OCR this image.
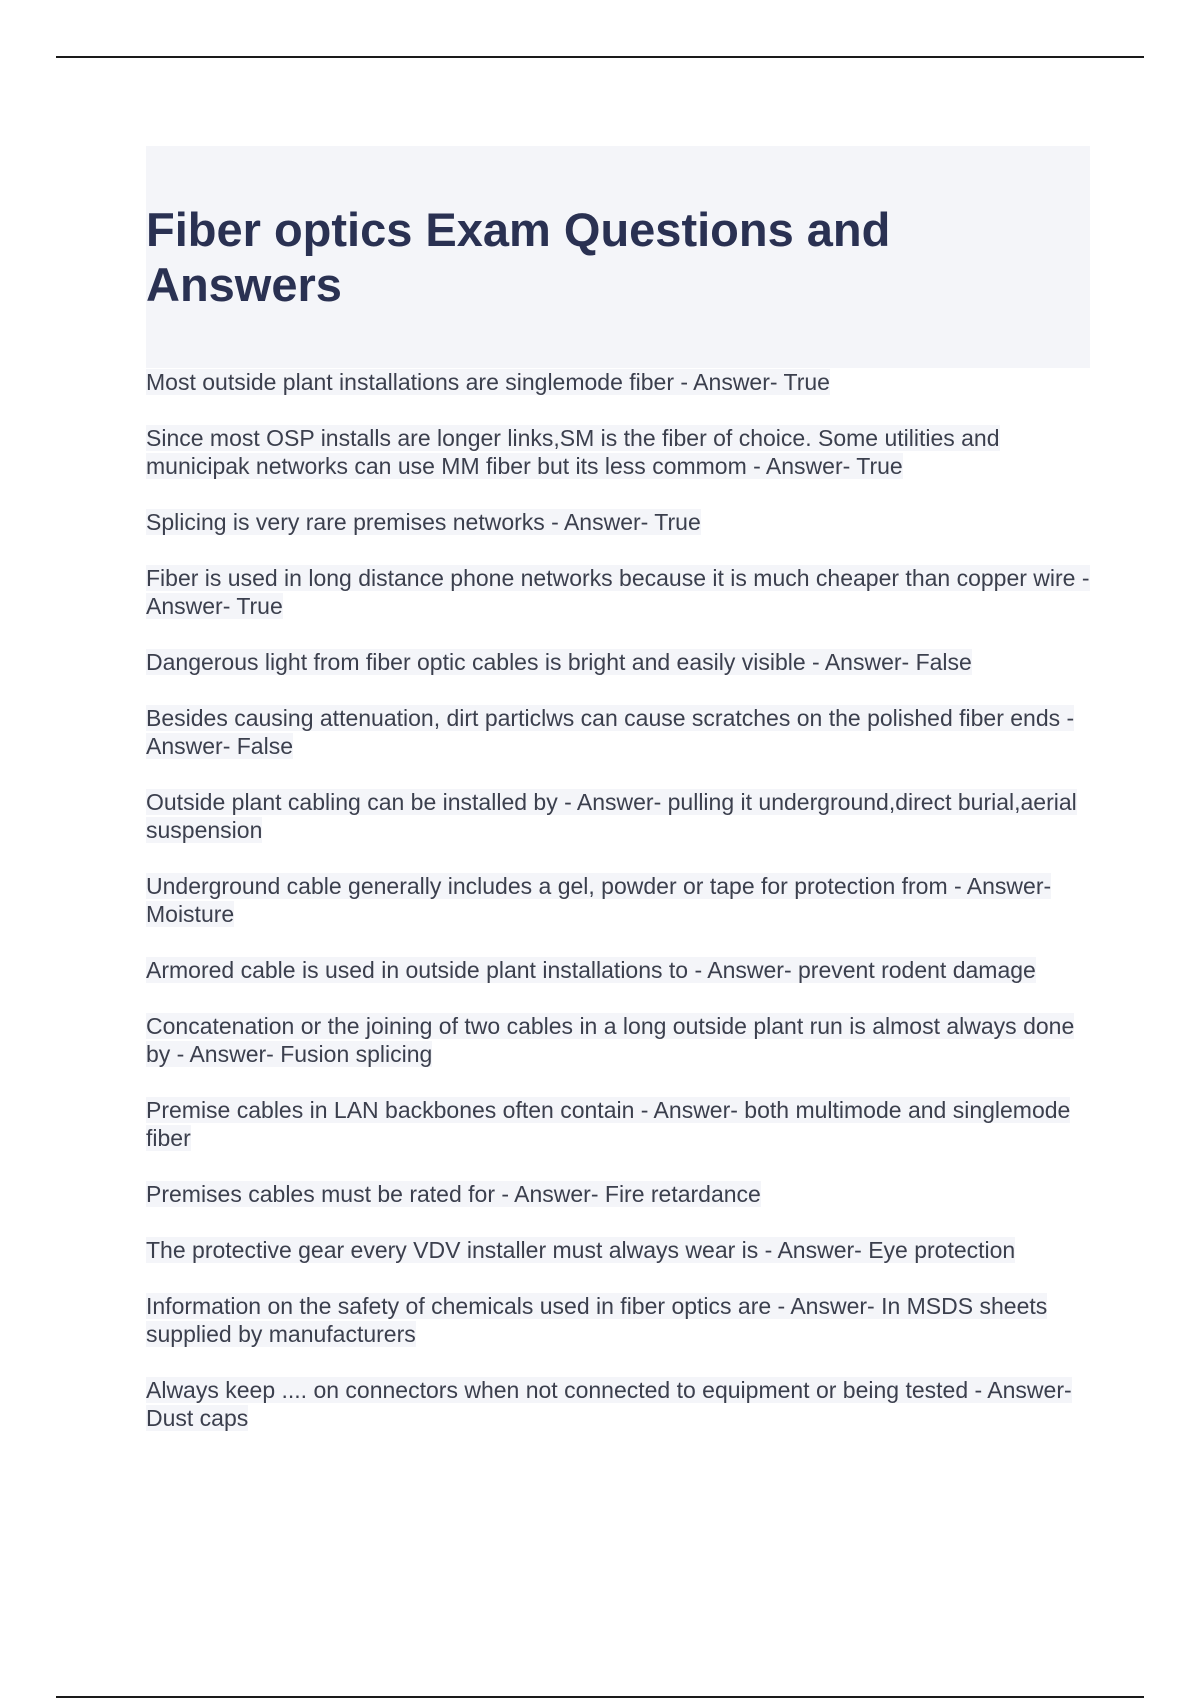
Fiber optics Exam Questions and Answers
Most outside plant installations are singlemode fiber - Answer- True
Since most OSP installs are longer links,SM is the fiber of choice. Some utilities and municipak networks can use MM fiber but its less commom - Answer- True
Splicing is very rare premises networks - Answer- True
Fiber is used in long distance phone networks because it is much cheaper than copper wire - Answer- True
Dangerous light from fiber optic cables is bright and easily visible - Answer- False
Besides causing attenuation, dirt particlws can cause scratches on the polished fiber ends - Answer- False
Outside plant cabling can be installed by - Answer- pulling it underground,direct burial,aerial suspension
Underground cable generally includes a gel, powder or tape for protection from - Answer- Moisture
Armored cable is used in outside plant installations to - Answer- prevent rodent damage
Concatenation or the joining of two cables in a long outside plant run is almost always done by - Answer- Fusion splicing
Premise cables in LAN backbones often contain - Answer- both multimode and singlemode fiber
Premises cables must be rated for - Answer- Fire retardance
The protective gear every VDV installer must always wear is - Answer- Eye protection
Information on the safety of chemicals used in fiber optics are - Answer- In MSDS sheets supplied by manufacturers
Always keep .... on connectors when not connected to equipment or being tested - Answer- Dust caps
